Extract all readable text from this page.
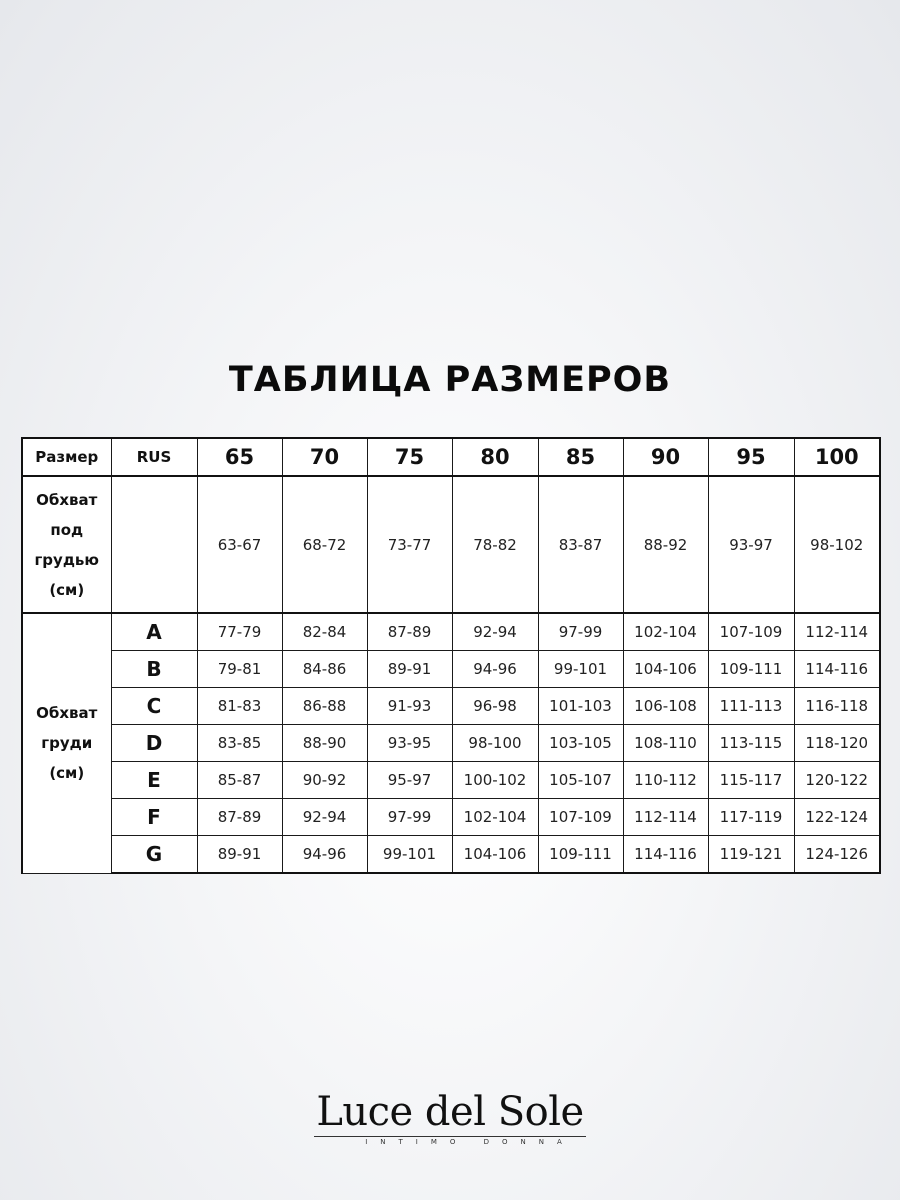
ТАБЛИЦА РАЗМЕРОВ
Размер	RUS	65	70	75	80	85	90	95	100

Обхват
под
грудью
(см)		63-67	68-72	73-77	78-82	83-87	88-92	93-97	98-102

Обхват
груди
(см)	A	77-79	82-84	87-89	92-94	97-99	102-104	107-109	112-114
	B	79-81	84-86	89-91	94-96	99-101	104-106	109-111	114-116
	C	81-83	86-88	91-93	96-98	101-103	106-108	111-113	116-118
	D	83-85	88-90	93-95	98-100	103-105	108-110	113-115	118-120
	E	85-87	90-92	95-97	100-102	105-107	110-112	115-117	120-122
	F	87-89	92-94	97-99	102-104	107-109	112-114	117-119	122-124
	G	89-91	94-96	99-101	104-106	109-111	114-116	119-121	124-126
Luce del Sole
INTIMO DONNA
